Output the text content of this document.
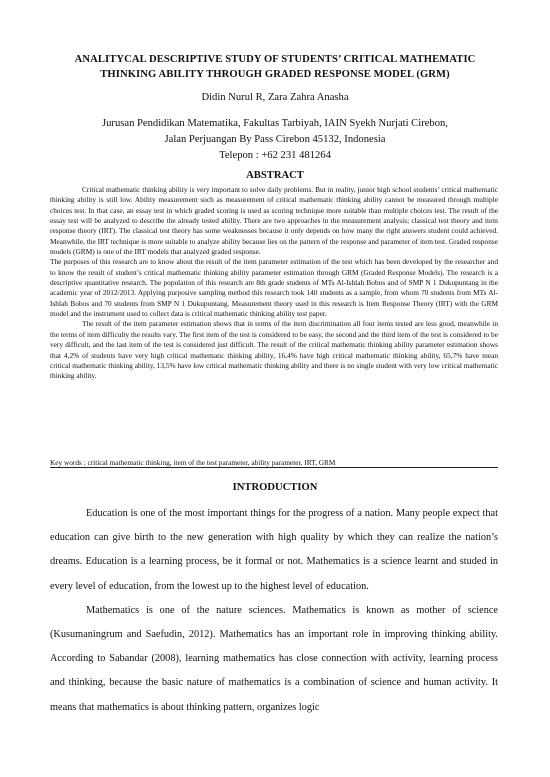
ANALITYCAL DESCRIPTIVE STUDY OF STUDENTS’ CRITICAL MATHEMATIC
THINKING ABILITY THROUGH GRADED RESPONSE MODEL (GRM)
Didin Nurul R, Zara Zahra Anasha
Jurusan Pendidikan Matematika, Fakultas Tarbiyah, IAIN Syekh Nurjati Cirebon,
Jalan Perjuangan By Pass Cirebon 45132, Indonesia
Telepon : +62 231 481264
ABSTRACT

Critical mathematic thinking ability is very important to solve daily problems. But in reality, junior high school students’ critical mathematic thinking ability is still low. Ability measurement such as measurement of critical mathematic thinking ability cannot be measured through multiple choices test. In that case, an essay test in which graded scoring is used as scoring technique more suitable than multiple choices test. The result of the essay test will be analyzed to describe the already tested ability. There are two approaches in the measurement analysis; classical test theory and item response theory (IRT). The classical test theory has some weaknesses because it only depends on how many the right answers student could achieved. Meanwhile, the IRT technique is more suitable to analyze ability because lies on the pattern of the response and parameter of item test. Graded response models (GRM) is one of the IRT models that analyzed graded response.

The purposes of this research are to know about the result of the item parameter estimation of the test which has been developed by the researcher and to know the result of student’s critical mathematic thinking ability parameter estimation through GRM (Graded Response Models). The research is a descriptive quantitative research. The population of this research are 8th grade students of MTs Al-Ishlah Bobos and of SMP N 1 Dukupuntang in the academic year of 2012/2013. Applying purposive sampling method this research took 140 students as a sample, from whom 70 students from MTs Al-Ishlah Bobos and 70 students from SMP N 1 Dukupuntang. Measurement theory used in this research is Item Response Theory (IRT) with the GRM model and the instrument used to collect data is critical mathematic thinking ability test paper.

The result of the item parameter estimation shows that in terms of the item discrimination all four items tested are less good, meanwhile in the terms of item difficulty the results vary. The first item of the test is considered to be easy, the second and the third item of the test is considered to be very difficult, and the last item of the test is considered just difficult. The result of the critical mathematic thinking ability parameter estimation shows that 4,2% of students have very high critical mathematic thinking ability, 16,4% have high critical mathematic thinking ability, 65,7% have mean critical mathematic thinking ability, 13,5% have low critical mathematic thinking ability and there is no single student with very low critical mathematic thinking ability.

Key words : critical mathematic thinking, item of the test parameter, ability parameter, IRT, GRM
INTRODUCTION

Education is one of the most important things for the progress of a nation. Many people expect that education can give birth to the new generation with high quality by which they can realize the nation’s dreams. Education is a learning process, be it formal or not. Mathematics is a science learnt and studed in every level of education, from the lowest up to the highest level of education.

Mathematics is one of the nature sciences. Mathematics is known as mother of science (Kusumaningrum and Saefudin, 2012). Mathematics has an important role in improving thinking ability. According to Sabandar (2008), learning mathematics has close connection with activity, learning process and thinking, because the basic nature of mathematics is a combination of science and human activity. It means that mathematics is about thinking pattern, organizes logic
